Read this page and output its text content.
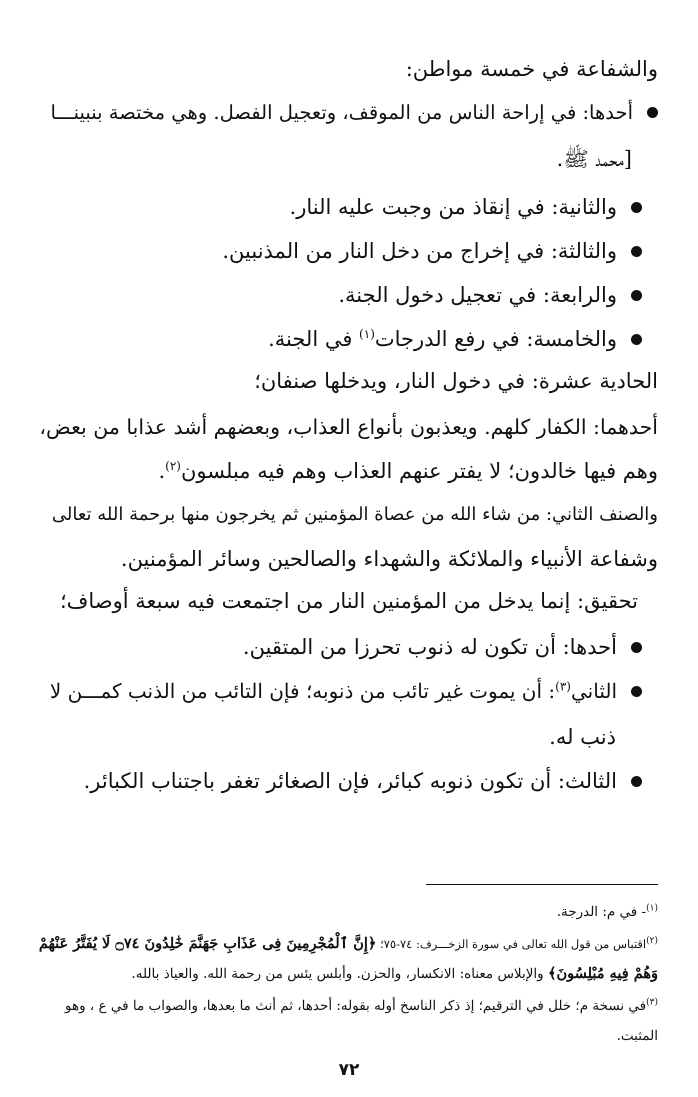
والشفاعة في خمسة مواطن:
أحدها: في إراحة الناس من الموقف، وتعجيل الفصل. وهي مختصة بنبينـــا
[محمد ﷺ.
والثانية: في إنقاذ من وجبت عليه النار.
والثالثة: في إخراج من دخل النار من المذنبين.
والرابعة: في تعجيل دخول الجنة.
والخامسة: في رفع الدرجات$^{(١)}$ في الجنة.
الحادية عشرة: في دخول النار، ويدخلها صنفان؛
أحدهما: الكفار كلهم. ويعذبون بأنواع العذاب، وبعضهم أشد عذابا من بعض،
وهم فيها خالدون؛ لا يفتر عنهم العذاب وهم فيه مبلسون$^{(٢)}$.
والصنف الثاني: من شاء الله من عصاة المؤمنين ثم يخرجون منها برحمة الله تعالى
وشفاعة الأنبياء والملائكة والشهداء والصالحين وسائر المؤمنين.
تحقيق: إنما يدخل من المؤمنين النار من اجتمعت فيه سبعة أوصاف؛
أحدها: أن تكون له ذنوب تحرزا من المتقين.
الثاني$^{(٣)}$: أن يموت غير تائب من ذنوبه؛ فإن التائب من الذنب كمـــن لا
ذنب له.
الثالث: أن تكون ذنوبه كبائر، فإن الصغائر تغفر باجتناب الكبائر.
$^{(١)}$- في م: الدرجة.
$^{(٢)}$اقتباس من قول الله تعالى في سورة الزخـــرف: ٧٤-٧٥؛ ﴿إِنَّ ٱلْمُجْرِمِينَ فِى عَذَابِ جَهَنَّمَ خَٰلِدُونَ ۝٧٤ لَا يُفَتَّرُ عَنْهُمْ
وَهُمْ فِيهِ مُبْلِسُونَ﴾ والإبلاس معناه: الانكسار، والحزن. وأبلس يئس من رحمة الله. والعياذ بالله.
$^{(٣)}$في نسخة م؛ خلل في الترقيم؛ إذ ذكر الناسخ أوله بقوله: أحدها، ثم أنث ما بعدها، والصواب ما في ع ، وهو
المثبت.
٧٢
